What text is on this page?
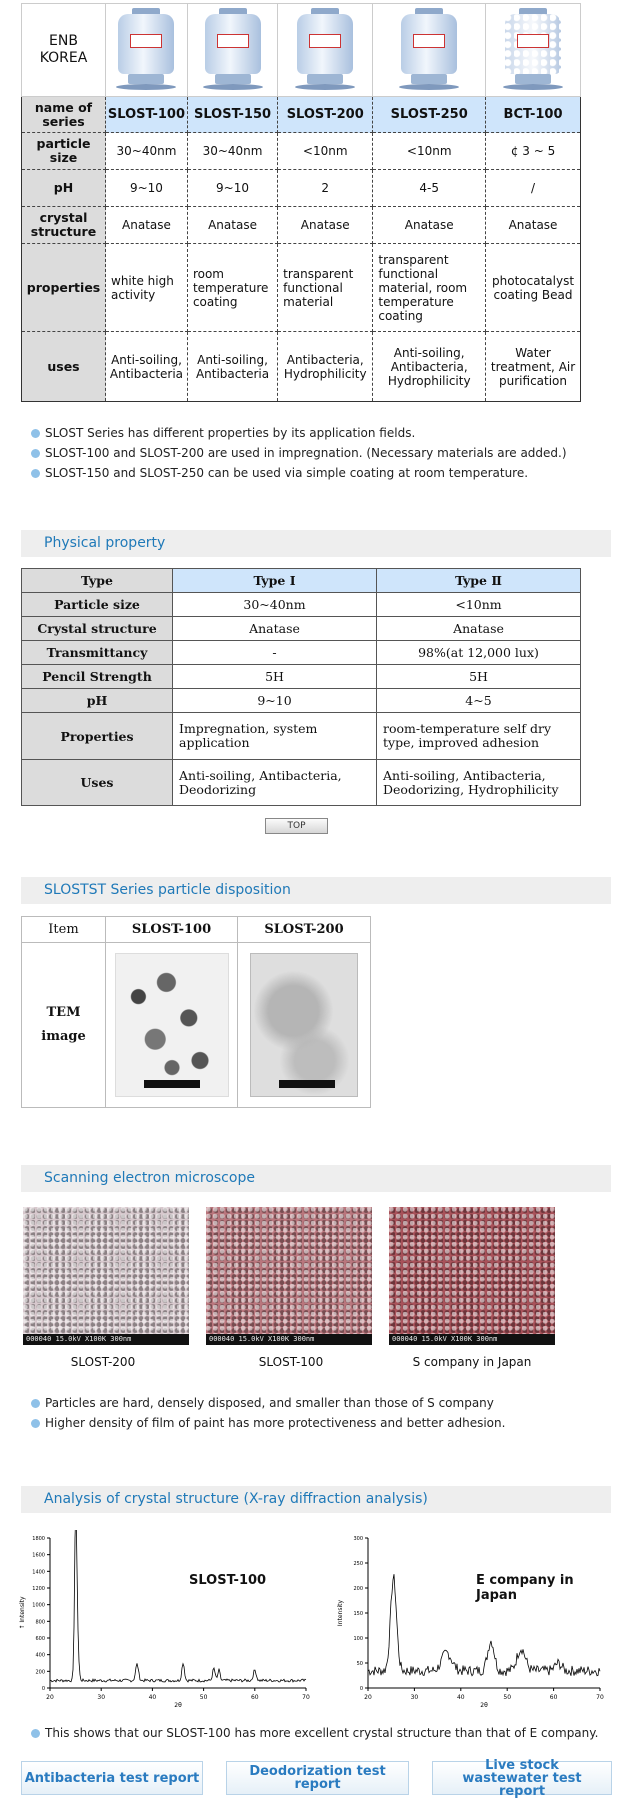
ENB
KOREA					

name of series	SLOST-100	SLOST-150	SLOST-200	SLOST-250	BCT-100
particle size	30~40nm	30~40nm	<10nm	<10nm	¢ 3 ~ 5
pH	9~10	9~10	2	4-5	/
crystal structure	Anatase	Anatase	Anatase	Anatase	Anatase
properties	white high activity	room temperature coating	transparent functional material	transparent functional material, room temperature coating	photocatalyst coating Bead
uses	Anti-soiling, Antibacteria	Anti-soiling, Antibacteria	Antibacteria, Hydrophilicity	Anti-soiling, Antibacteria, Hydrophilicity	Water treatment, Air purification
SLOST Series has different properties by its application fields.
SLOST-100 and SLOST-200 are used in impregnation. (Necessary materials are added.)
SLOST-150 and SLOST-250 can be used via simple coating at room temperature.
Physical property
Type	Type Ⅰ	Type Ⅱ
Particle size	30~40nm	<10nm
Crystal structure	Anatase	Anatase
Transmittancy	-	98%(at 12,000 lux)
Pencil Strength	5H	5H
pH	9~10	4~5
Properties	Impregnation, system application	room-temperature self dry type, improved adhesion
Uses	Anti-soiling, Antibacteria, Deodorizing	Anti-soiling, Antibacteria, Deodorizing, Hydrophilicity
TOP
SLOSTST Series particle disposition
Item	SLOST-100	SLOST-200
TEM image	

Scanning electron microscope
000040 15.0kV X100K 300nm	000040 15.0kV X100K 300nm	000040 15.0kV X100K 300nm
SLOST-200	SLOST-100	S company in Japan
Particles are hard, densely disposed, and smaller than those of S company
Higher density of film of paint has more protectiveness and better adhesion.
Analysis of crystal structure (X-ray diffraction analysis)
1800
1600
1400
1200
1000
800
600
400
200
0
20	30	40	50	60	70
↑ Intensity
2θ
SLOST-100
300
250
200
150
100
50
0
20	30	40	50	60	70
Intensity
2θ
E company in Japan
This shows that our SLOST-100 has more excellent crystal structure than that of E company.
Antibacteria test report	Deodorization test report
Live stock wastewater test report
